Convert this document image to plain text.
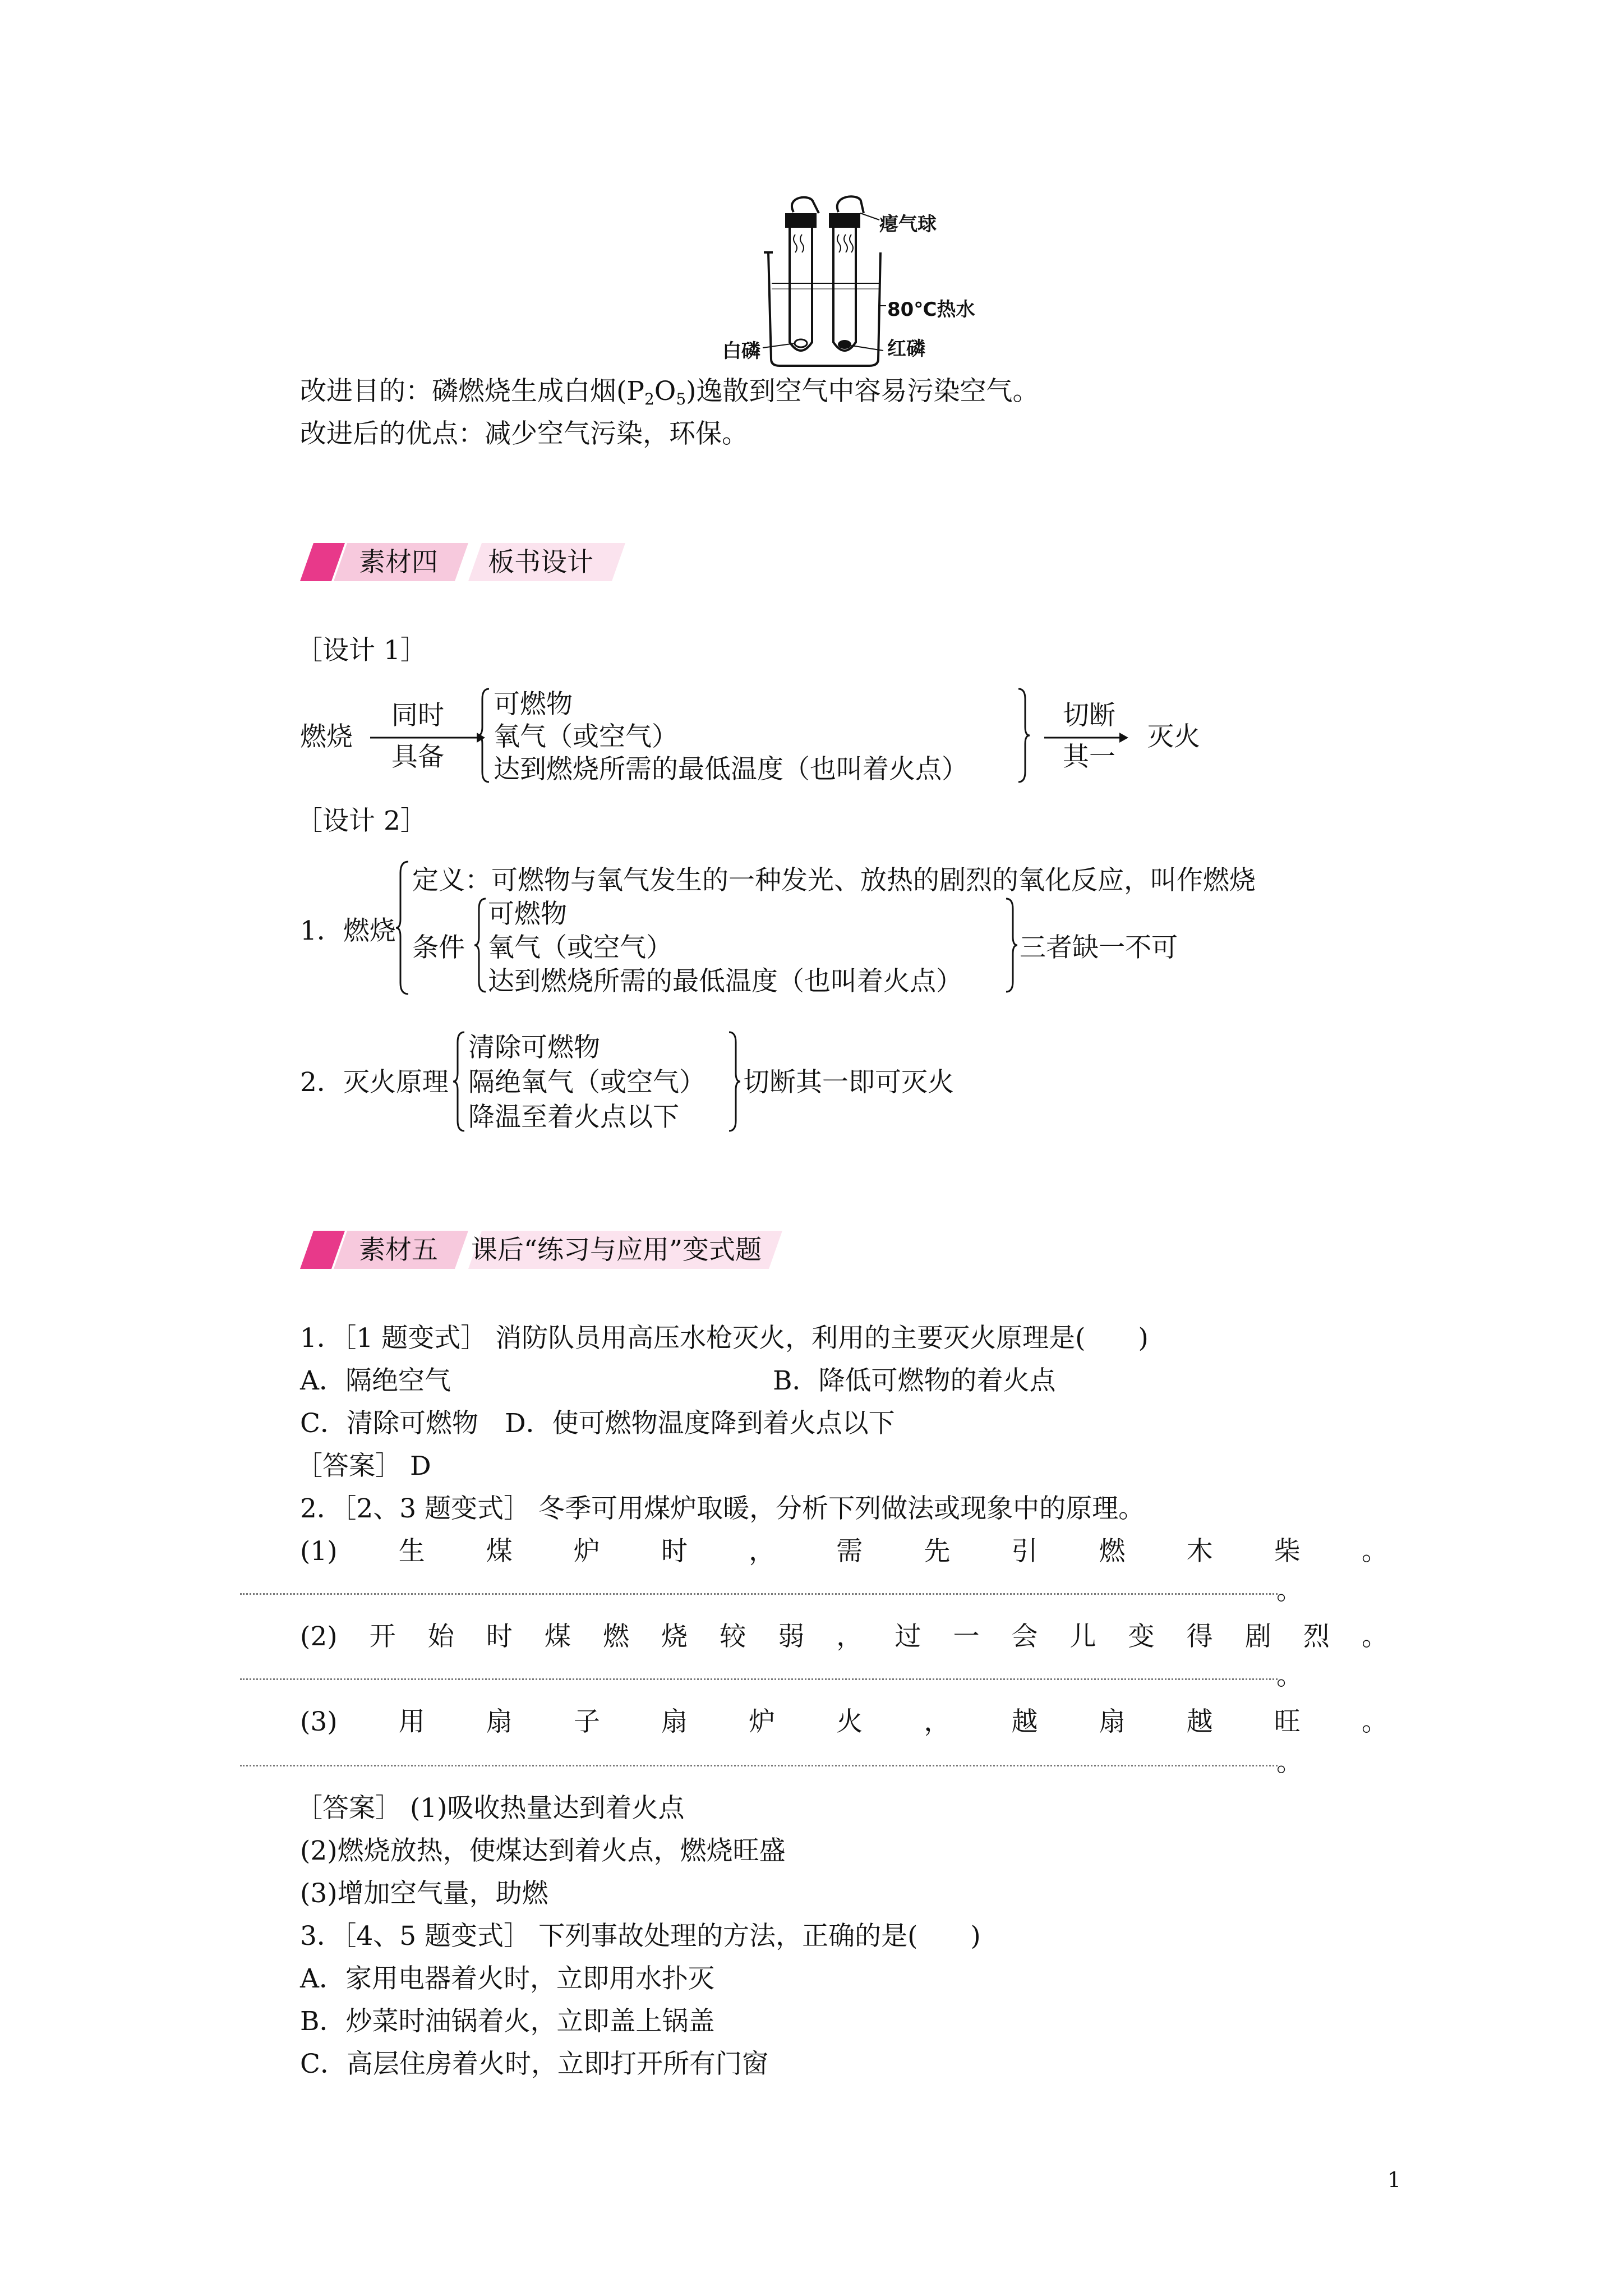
瘪气球
80℃热水
白磷	红磷
改进目的：磷燃烧生成白烟$(P_2O_5)$逸散到空气中容易污染空气。
改进后的优点：减少空气污染，环保。
素材四 板书设计
［设计 1］
燃烧
同时
具备
可燃物
氧气（或空气）
达到燃烧所需的最低温度（也叫着火点）
切断
其一
灭火
［设计 2］
1．燃烧
定义：可燃物与氧气发生的一种发光、放热的剧烈的氧化反应，叫作燃烧
条件
可燃物
氧气（或空气）
达到燃烧所需的最低温度（也叫着火点）
三者缺一不可
2．灭火原理
清除可燃物
隔绝氧气（或空气）
降温至着火点以下
切断其一即可灭火
素材五 课后“练习与应用”变式题
1．［1 题变式］ 消防队员用高压水枪灭火，利用的主要灭火原理是(　　)
A．隔绝空气	B．降低可燃物的着火点
C．清除可燃物　D．使可燃物温度降到着火点以下
［答案］ D
2．［2、3 题变式］ 冬季可用煤炉取暖，分析下列做法或现象中的原理。
(1) 生 煤 炉 时 ， 需 先 引 燃 木 柴 。
。
(2) 开 始 时 煤 燃 烧 较 弱 ， 过 一 会 儿 变 得 剧 烈 。
。
(3) 用 扇 子 扇 炉 火 ， 越 扇 越 旺 。
。
［答案］ (1)吸收热量达到着火点
(2)燃烧放热，使煤达到着火点，燃烧旺盛
(3)增加空气量，助燃
3．［4、5 题变式］ 下列事故处理的方法，正确的是(　　)
A．家用电器着火时，立即用水扑灭
B．炒菜时油锅着火，立即盖上锅盖
C．高层住房着火时，立即打开所有门窗
1
